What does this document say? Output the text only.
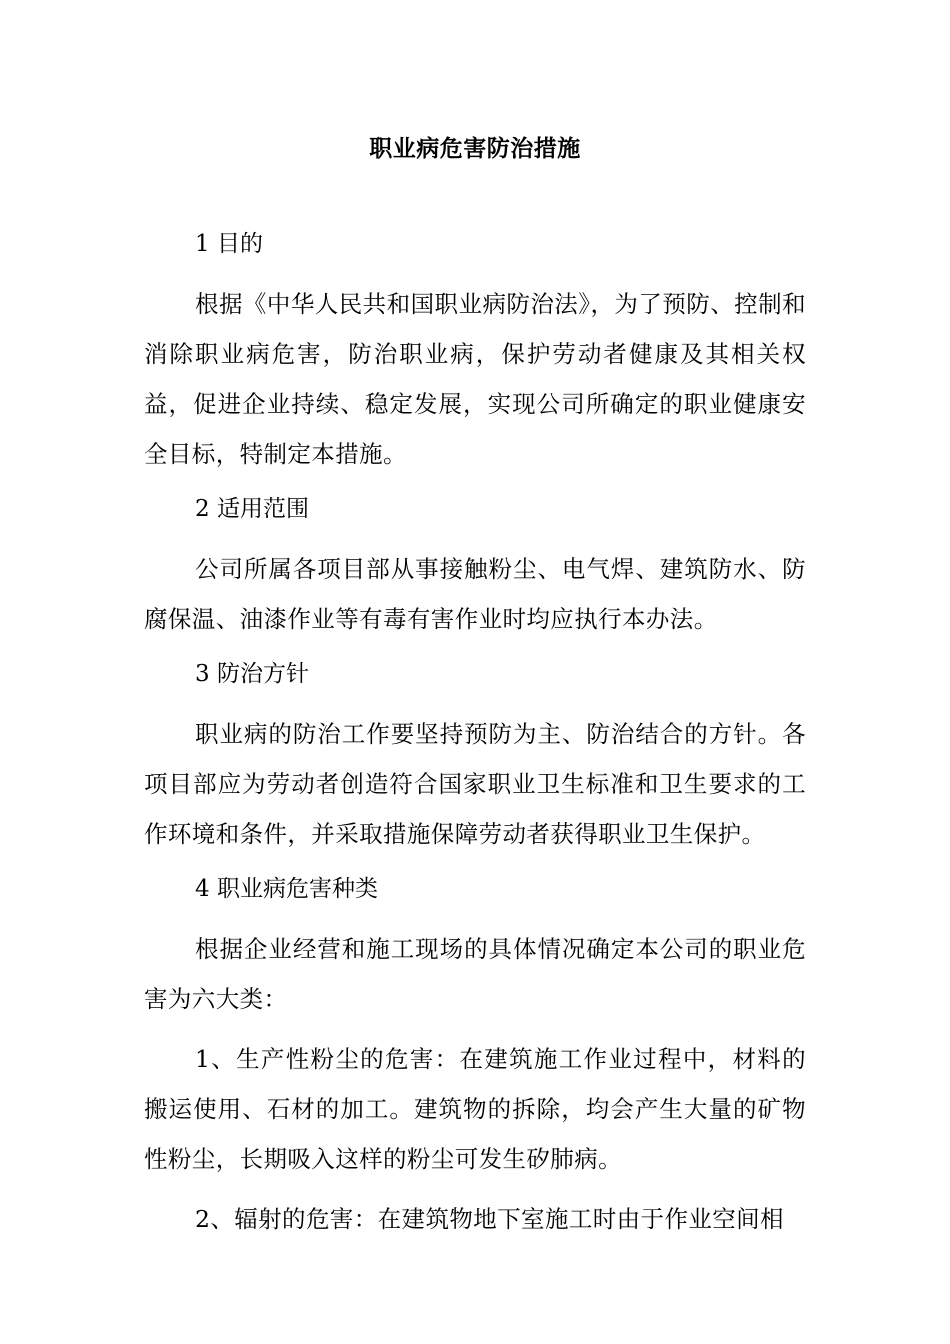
职业病危害防治措施
1 目的
根据《中华人民共和国职业病防治法》，为了预防、控制和消除职业病危害，防治职业病，保护劳动者健康及其相关权益，促进企业持续、稳定发展，实现公司所确定的职业健康安全目标，特制定本措施。
2 适用范围
公司所属各项目部从事接触粉尘、电气焊、建筑防水、防腐保温、油漆作业等有毒有害作业时均应执行本办法。
3 防治方针
职业病的防治工作要坚持预防为主、防治结合的方针。各项目部应为劳动者创造符合国家职业卫生标准和卫生要求的工作环境和条件，并采取措施保障劳动者获得职业卫生保护。
4 职业病危害种类
根据企业经营和施工现场的具体情况确定本公司的职业危害为六大类：
1、生产性粉尘的危害：在建筑施工作业过程中，材料的搬运使用、石材的加工。建筑物的拆除，均会产生大量的矿物性粉尘，长期吸入这样的粉尘可发生矽肺病。
2、辐射的危害：在建筑物地下室施工时由于作业空间相
